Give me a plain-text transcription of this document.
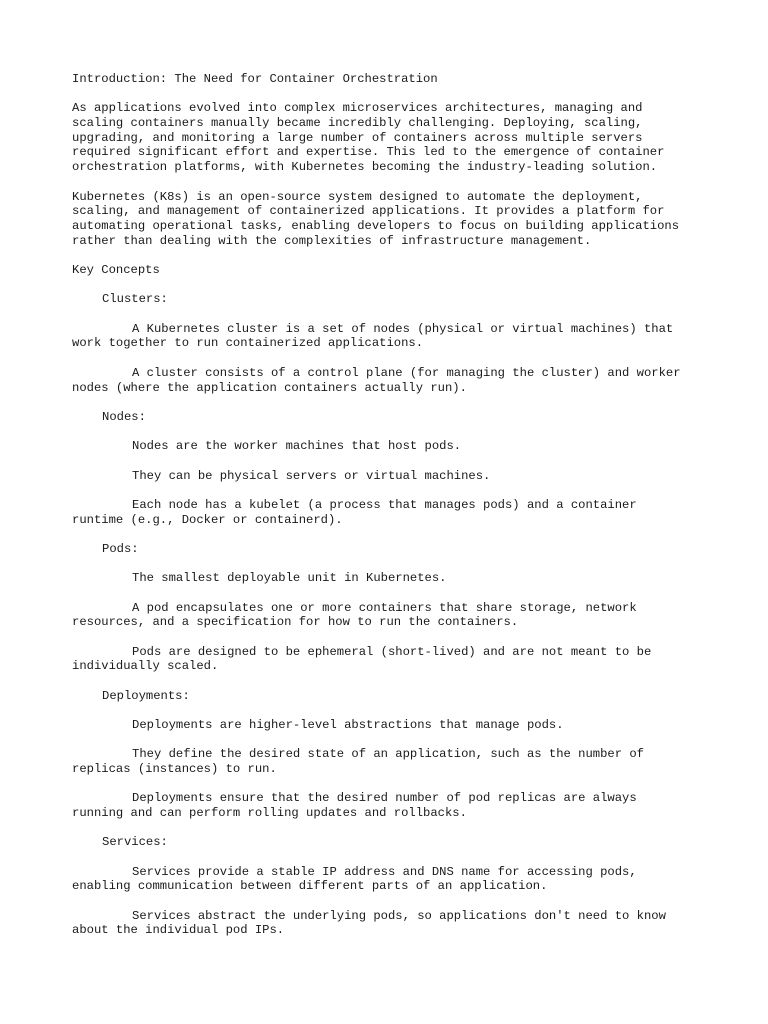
Introduction: The Need for Container Orchestration
As applications evolved into complex microservices architectures, managing and
scaling containers manually became incredibly challenging. Deploying, scaling,
upgrading, and monitoring a large number of containers across multiple servers
required significant effort and expertise. This led to the emergence of container
orchestration platforms, with Kubernetes becoming the industry-leading solution.
Kubernetes (K8s) is an open-source system designed to automate the deployment,
scaling, and management of containerized applications. It provides a platform for
automating operational tasks, enabling developers to focus on building applications
rather than dealing with the complexities of infrastructure management.
Key Concepts
Clusters:
A Kubernetes cluster is a set of nodes (physical or virtual machines) that
work together to run containerized applications.
A cluster consists of a control plane (for managing the cluster) and worker
nodes (where the application containers actually run).
Nodes:
Nodes are the worker machines that host pods.
They can be physical servers or virtual machines.
Each node has a kubelet (a process that manages pods) and a container
runtime (e.g., Docker or containerd).
Pods:
The smallest deployable unit in Kubernetes.
A pod encapsulates one or more containers that share storage, network
resources, and a specification for how to run the containers.
Pods are designed to be ephemeral (short-lived) and are not meant to be
individually scaled.
Deployments:
Deployments are higher-level abstractions that manage pods.
They define the desired state of an application, such as the number of
replicas (instances) to run.
Deployments ensure that the desired number of pod replicas are always
running and can perform rolling updates and rollbacks.
Services:
Services provide a stable IP address and DNS name for accessing pods,
enabling communication between different parts of an application.
Services abstract the underlying pods, so applications don't need to know
about the individual pod IPs.
